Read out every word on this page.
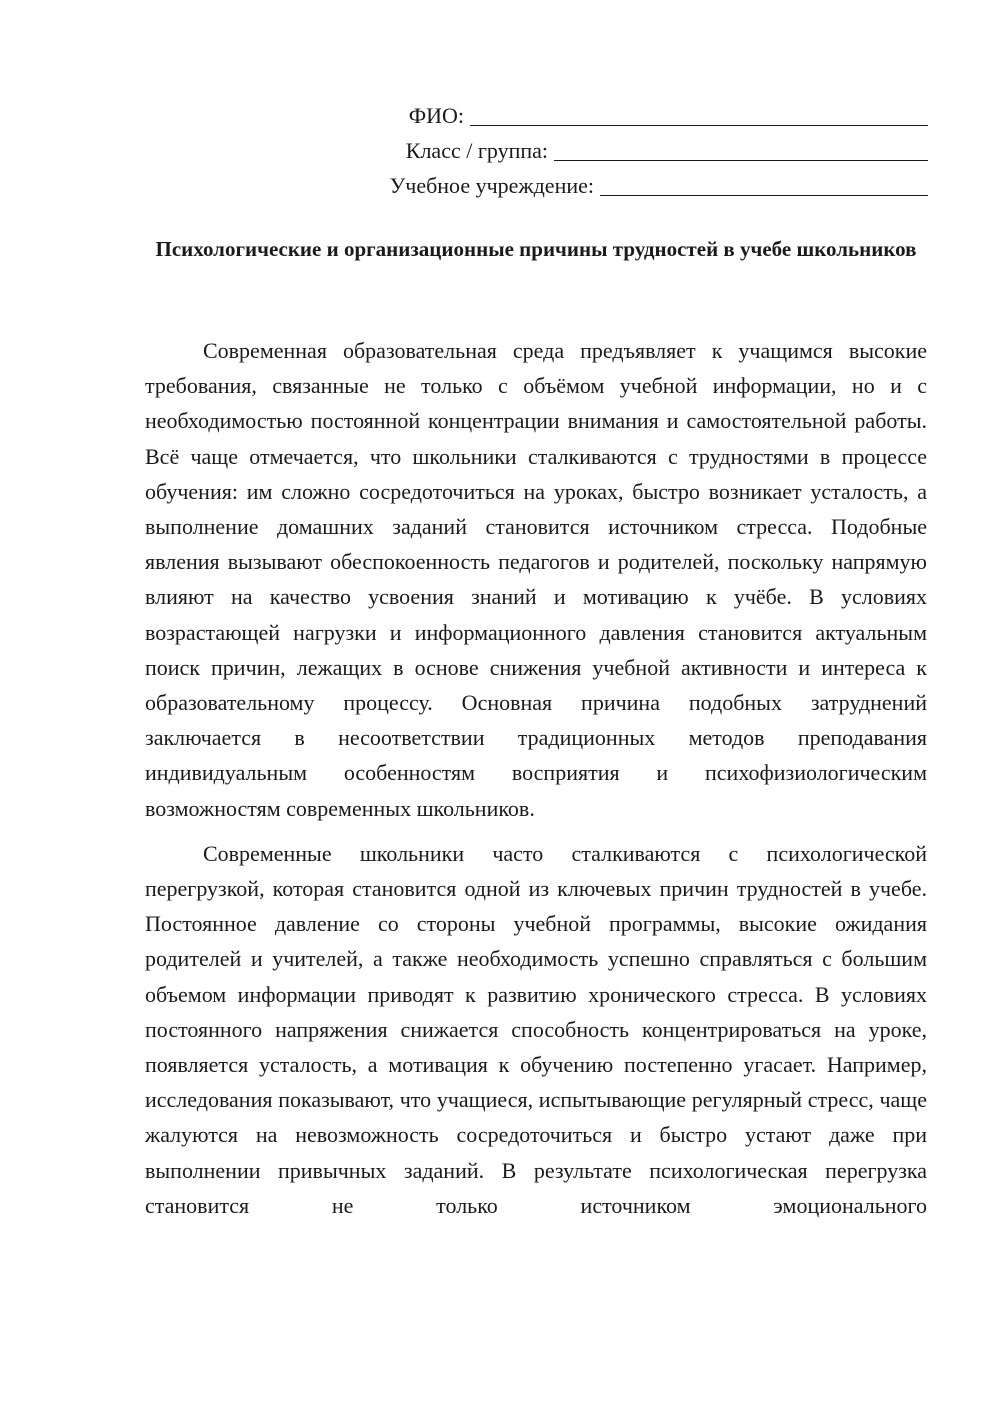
ФИО:
Класс / группа:
Учебное учреждение:
Психологические и организационные причины трудностей в учебе школьников

Современная образовательная среда предъявляет к учащимся высокие требования, связанные не только с объёмом учебной информации, но и с необходимостью постоянной концентрации внимания и самостоятельной работы. Всё чаще отмечается, что школьники сталкиваются с трудностями в процессе обучения: им сложно сосредоточиться на уроках, быстро возникает усталость, а выполнение домашних заданий становится источником стресса. Подобные явления вызывают обеспокоенность педагогов и родителей, поскольку напрямую влияют на качество усвоения знаний и мотивацию к учёбе. В условиях возрастающей нагрузки и информационного давления становится актуальным поиск причин, лежащих в основе снижения учебной активности и интереса к образовательному процессу. Основная причина подобных затруднений заключается в несоответствии традиционных методов преподавания индивидуальным особенностям восприятия и психофизиологическим возможностям современных школьников.

Современные школьники часто сталкиваются с психологической перегрузкой, которая становится одной из ключевых причин трудностей в учебе. Постоянное давление со стороны учебной программы, высокие ожидания родителей и учителей, а также необходимость успешно справляться с большим объемом информации приводят к развитию хронического стресса. В условиях постоянного напряжения снижается способность концентрироваться на уроке, появляется усталость, а мотивация к обучению постепенно угасает. Например, исследования показывают, что учащиеся, испытывающие регулярный стресс, чаще жалуются на невозможность сосредоточиться и быстро устают даже при выполнении привычных заданий. В результате психологическая перегрузка становится не только источником эмоционального
